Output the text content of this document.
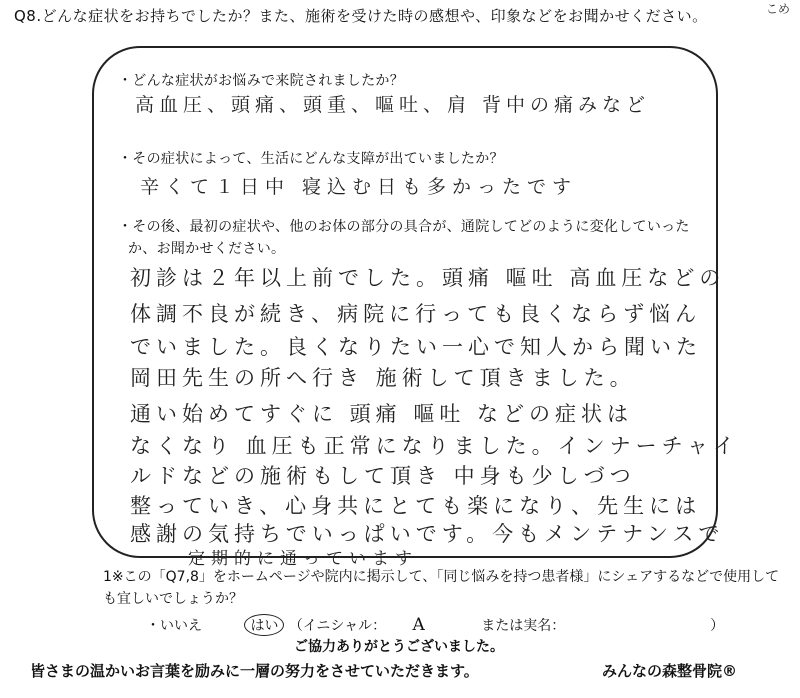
Q8.どんな症状をお持ちでしたか？また、施術を受けた時の感想や、印象などをお聞かせください。	こめ
・どんな症状がお悩みで来院されましたか？
高血圧、頭痛、頭重、嘔吐、肩 背中の痛みなど
・その症状によって、生活にどんな支障が出ていましたか？
辛くて１日中 寝込む日も多かったです
・その後、最初の症状や、他のお体の部分の具合が、通院してどのように変化していった
か、お聞かせください。
初診は２年以上前でした。頭痛 嘔吐 高血圧などの
体調不良が続き、病院に行っても良くならず悩ん
でいました。良くなりたい一心で知人から聞いた
岡田先生の所へ行き 施術して頂きました。
通い始めてすぐに 頭痛 嘔吐 などの症状は
なくなり 血圧も正常になりました。インナーチャイ
ルドなどの施術もして頂き 中身も少しづつ
整っていき、心身共にとても楽になり、先生には
感謝の気持ちでいっぱいです。今もメンテナンスで
定期的に通っています
1※この「Q7,8」をホームページや院内に掲示して、「同じ悩みを持つ患者様」にシェアするなどで使用しても宜しいでしょうか？
・いいえ	はい （イニシャル： A	または実名：	）
ご協力ありがとうございました。
皆さまの温かいお言葉を励みに一層の努力をさせていただきます。	みんなの森整骨院®
